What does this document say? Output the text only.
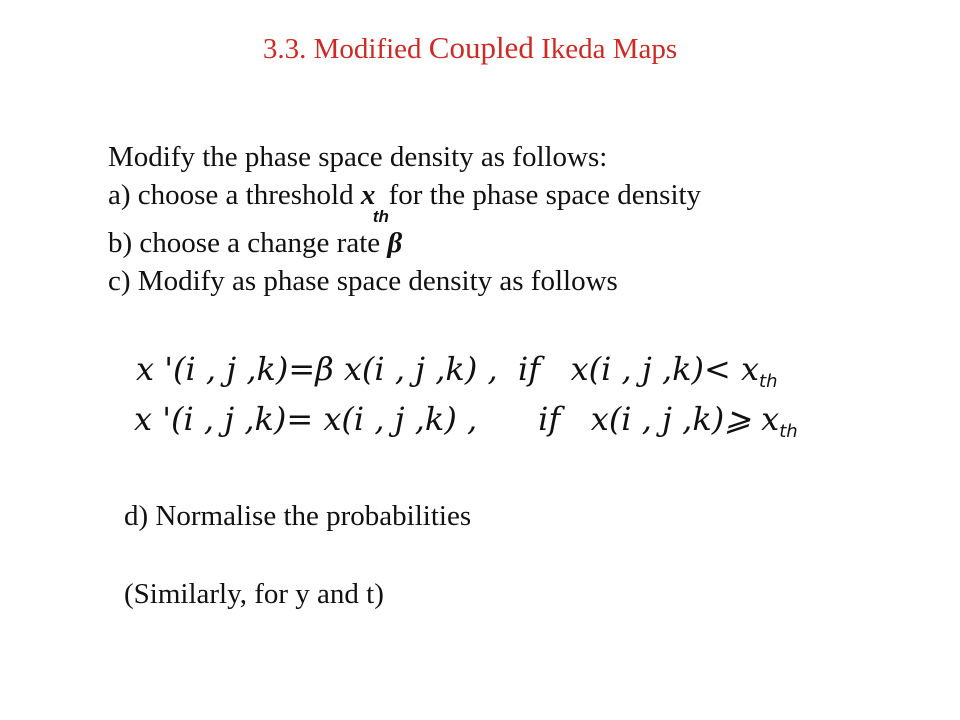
3.3. Modified Coupled Ikeda Maps
Modify the phase space density as follows:
a) choose a threshold x
th
for the phase space density
b) choose a change rate β
c) Modify as phase space density as follows
x '(i , j ,k)=β x(i , j ,k) , if x(i , j $,k)< x_{th}$
x '(i , j ,k)= x(i , j ,k) , if x(i , j ,k)⩾ $x_{th}$
d) Normalise the probabilities
(Similarly, for y and t)
